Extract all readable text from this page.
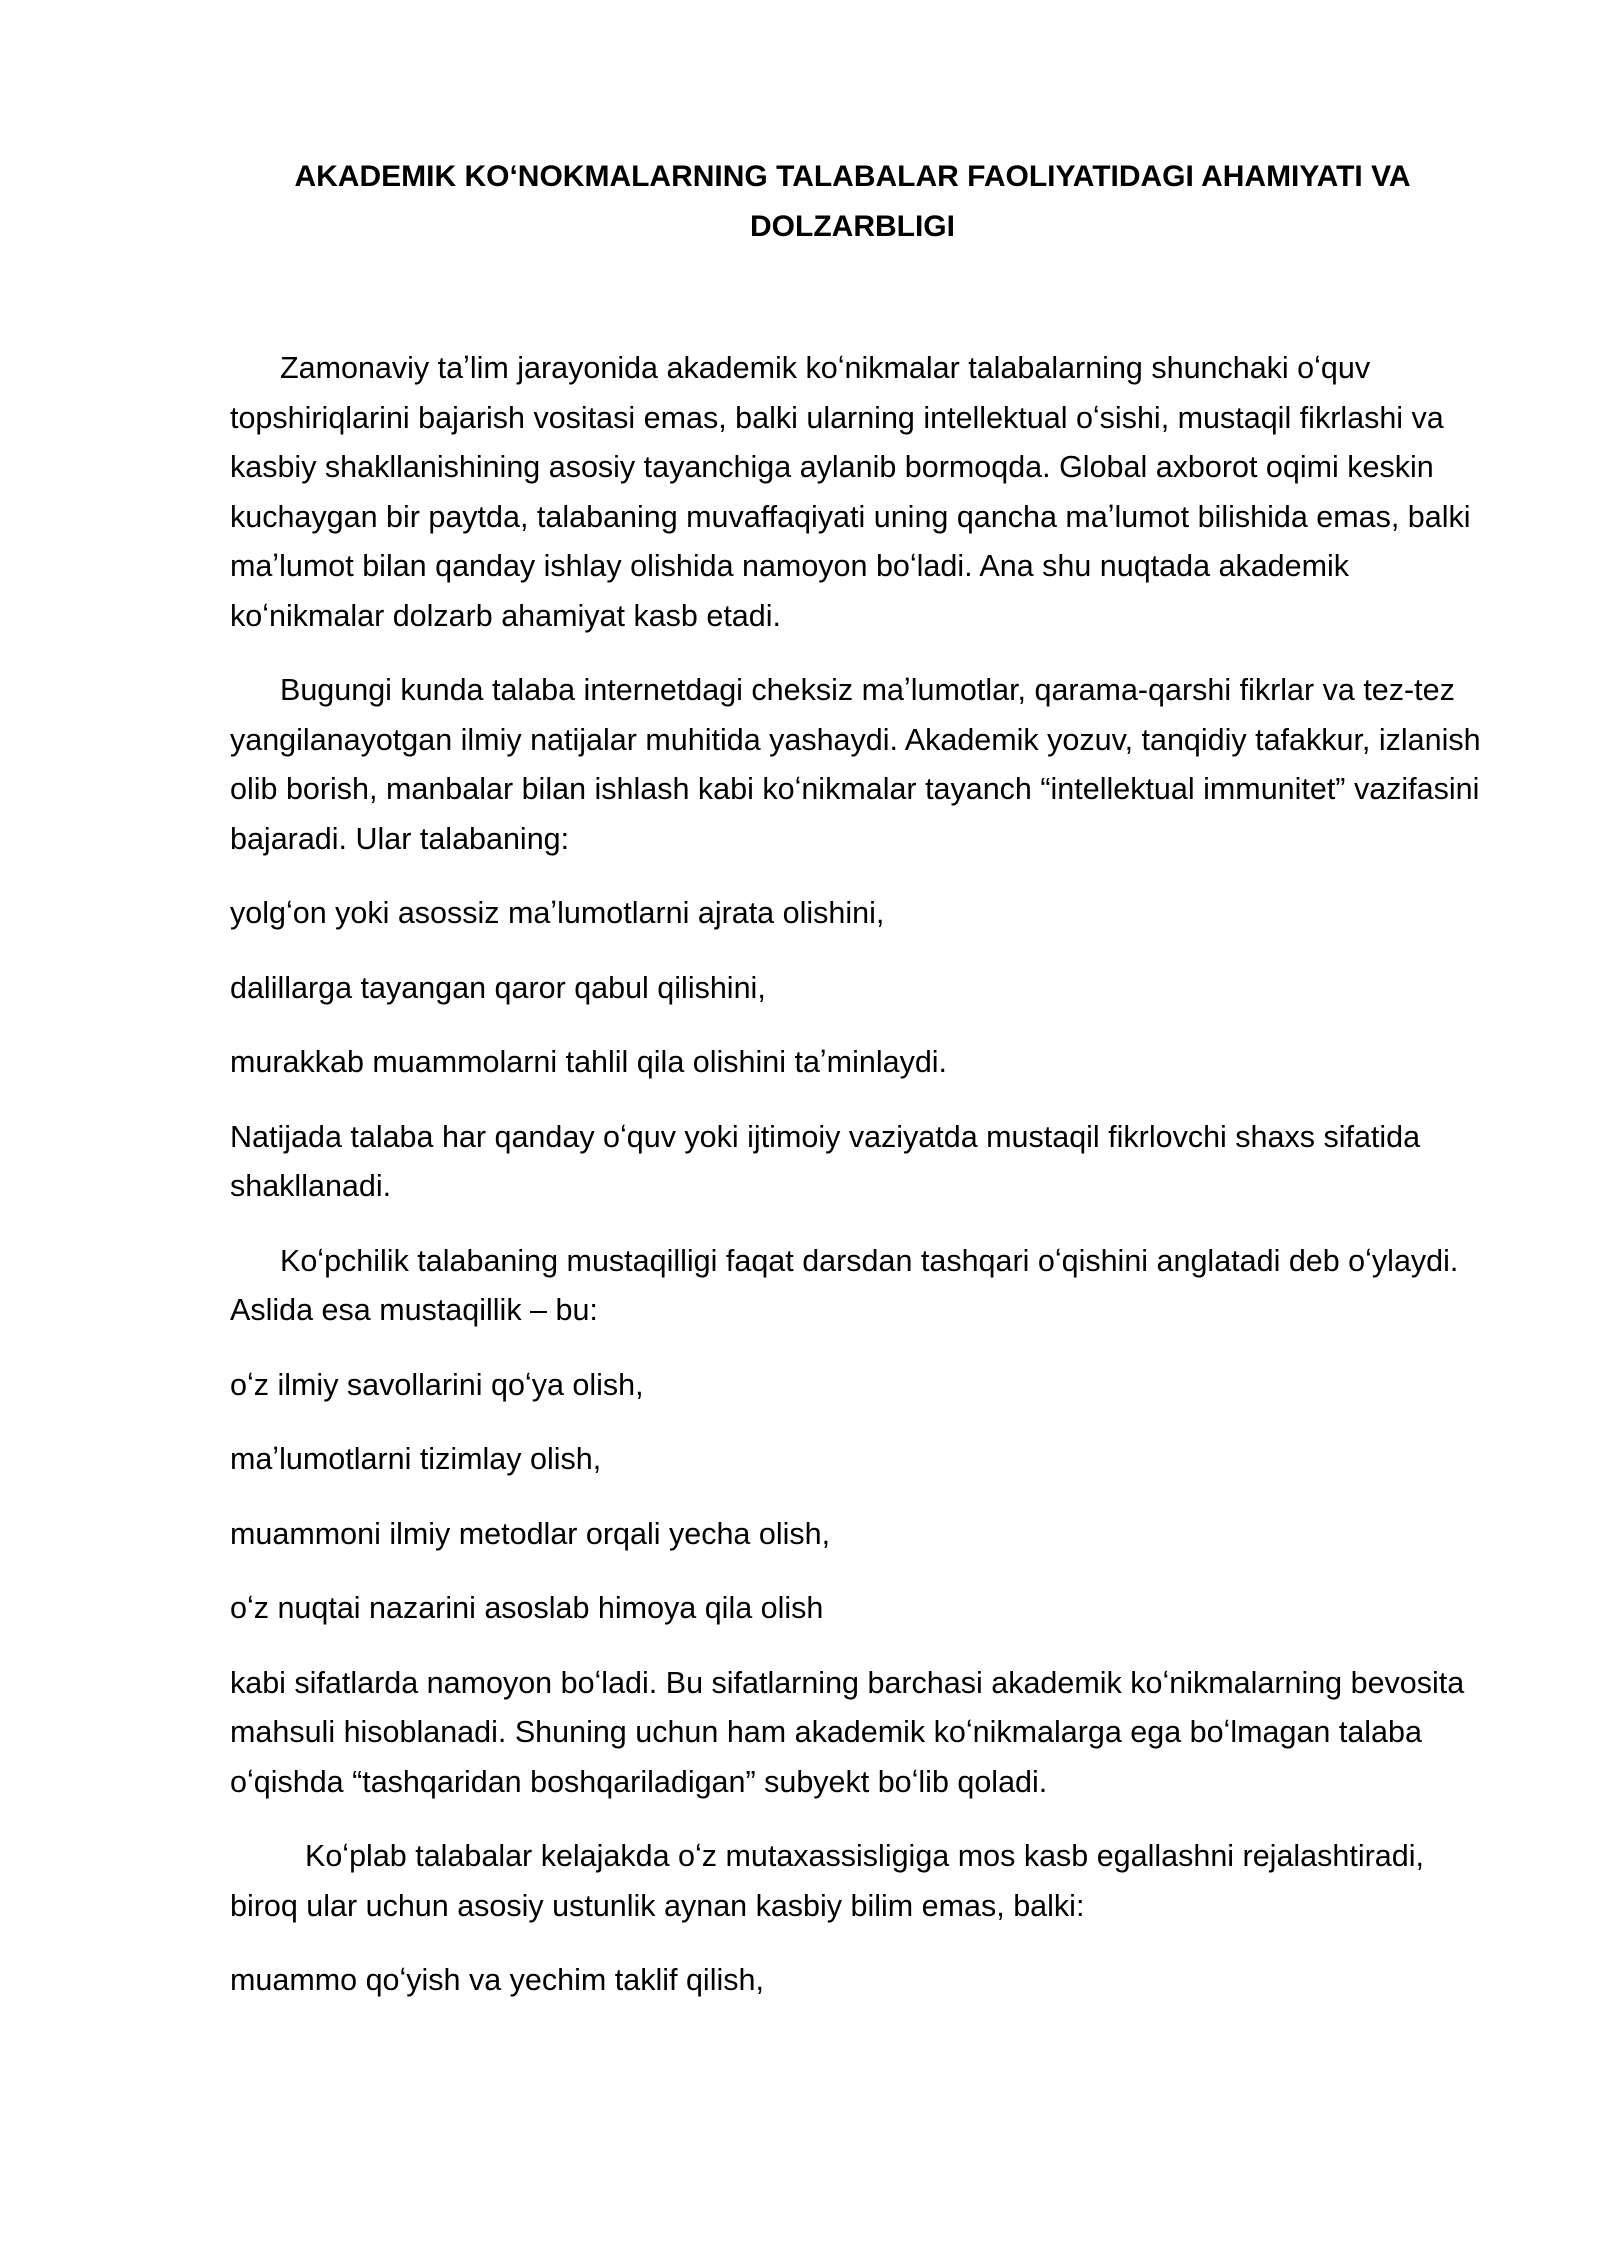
AKADEMIK KOʻNOKMALARNING TALABALAR FAOLIYATIDAGI AHAMIYATI VA
DOLZARBLIGI

Zamonaviy taʼlim jarayonida akademik koʻnikmalar talabalarning shunchaki oʻquv topshiriqlarini bajarish vositasi emas, balki ularning intellektual oʻsishi, mustaqil fikrlashi va kasbiy shakllanishining asosiy tayanchiga aylanib bormoqda. Global axborot oqimi keskin kuchaygan bir paytda, talabaning muvaffaqiyati uning qancha maʼlumot bilishida emas, balki maʼlumot bilan qanday ishlay olishida namoyon boʻladi. Ana shu nuqtada akademik koʻnikmalar dolzarb ahamiyat kasb etadi.

Bugungi kunda talaba internetdagi cheksiz maʼlumotlar, qarama-qarshi fikrlar va tez-tez yangilanayotgan ilmiy natijalar muhitida yashaydi. Akademik yozuv, tanqidiy tafakkur, izlanish olib borish, manbalar bilan ishlash kabi koʻnikmalar tayanch “intellektual immunitet” vazifasini bajaradi. Ular talabaning:

yolgʻon yoki asossiz maʼlumotlarni ajrata olishini,

dalillarga tayangan qaror qabul qilishini,

murakkab muammolarni tahlil qila olishini taʼminlaydi.

Natijada talaba har qanday oʻquv yoki ijtimoiy vaziyatda mustaqil fikrlovchi shaxs sifatida shakllanadi.

Koʻpchilik talabaning mustaqilligi faqat darsdan tashqari oʻqishini anglatadi deb oʻylaydi. Aslida esa mustaqillik – bu:

oʻz ilmiy savollarini qoʻya olish,

maʼlumotlarni tizimlay olish,

muammoni ilmiy metodlar orqali yecha olish,

oʻz nuqtai nazarini asoslab himoya qila olish

kabi sifatlarda namoyon boʻladi. Bu sifatlarning barchasi akademik koʻnikmalarning bevosita mahsuli hisoblanadi. Shuning uchun ham akademik koʻnikmalarga ega boʻlmagan talaba oʻqishda “tashqaridan boshqariladigan” subyekt boʻlib qoladi.

Koʻplab talabalar kelajakda oʻz mutaxassisligiga mos kasb egallashni rejalashtiradi, biroq ular uchun asosiy ustunlik aynan kasbiy bilim emas, balki:

muammo qoʻyish va yechim taklif qilish,
